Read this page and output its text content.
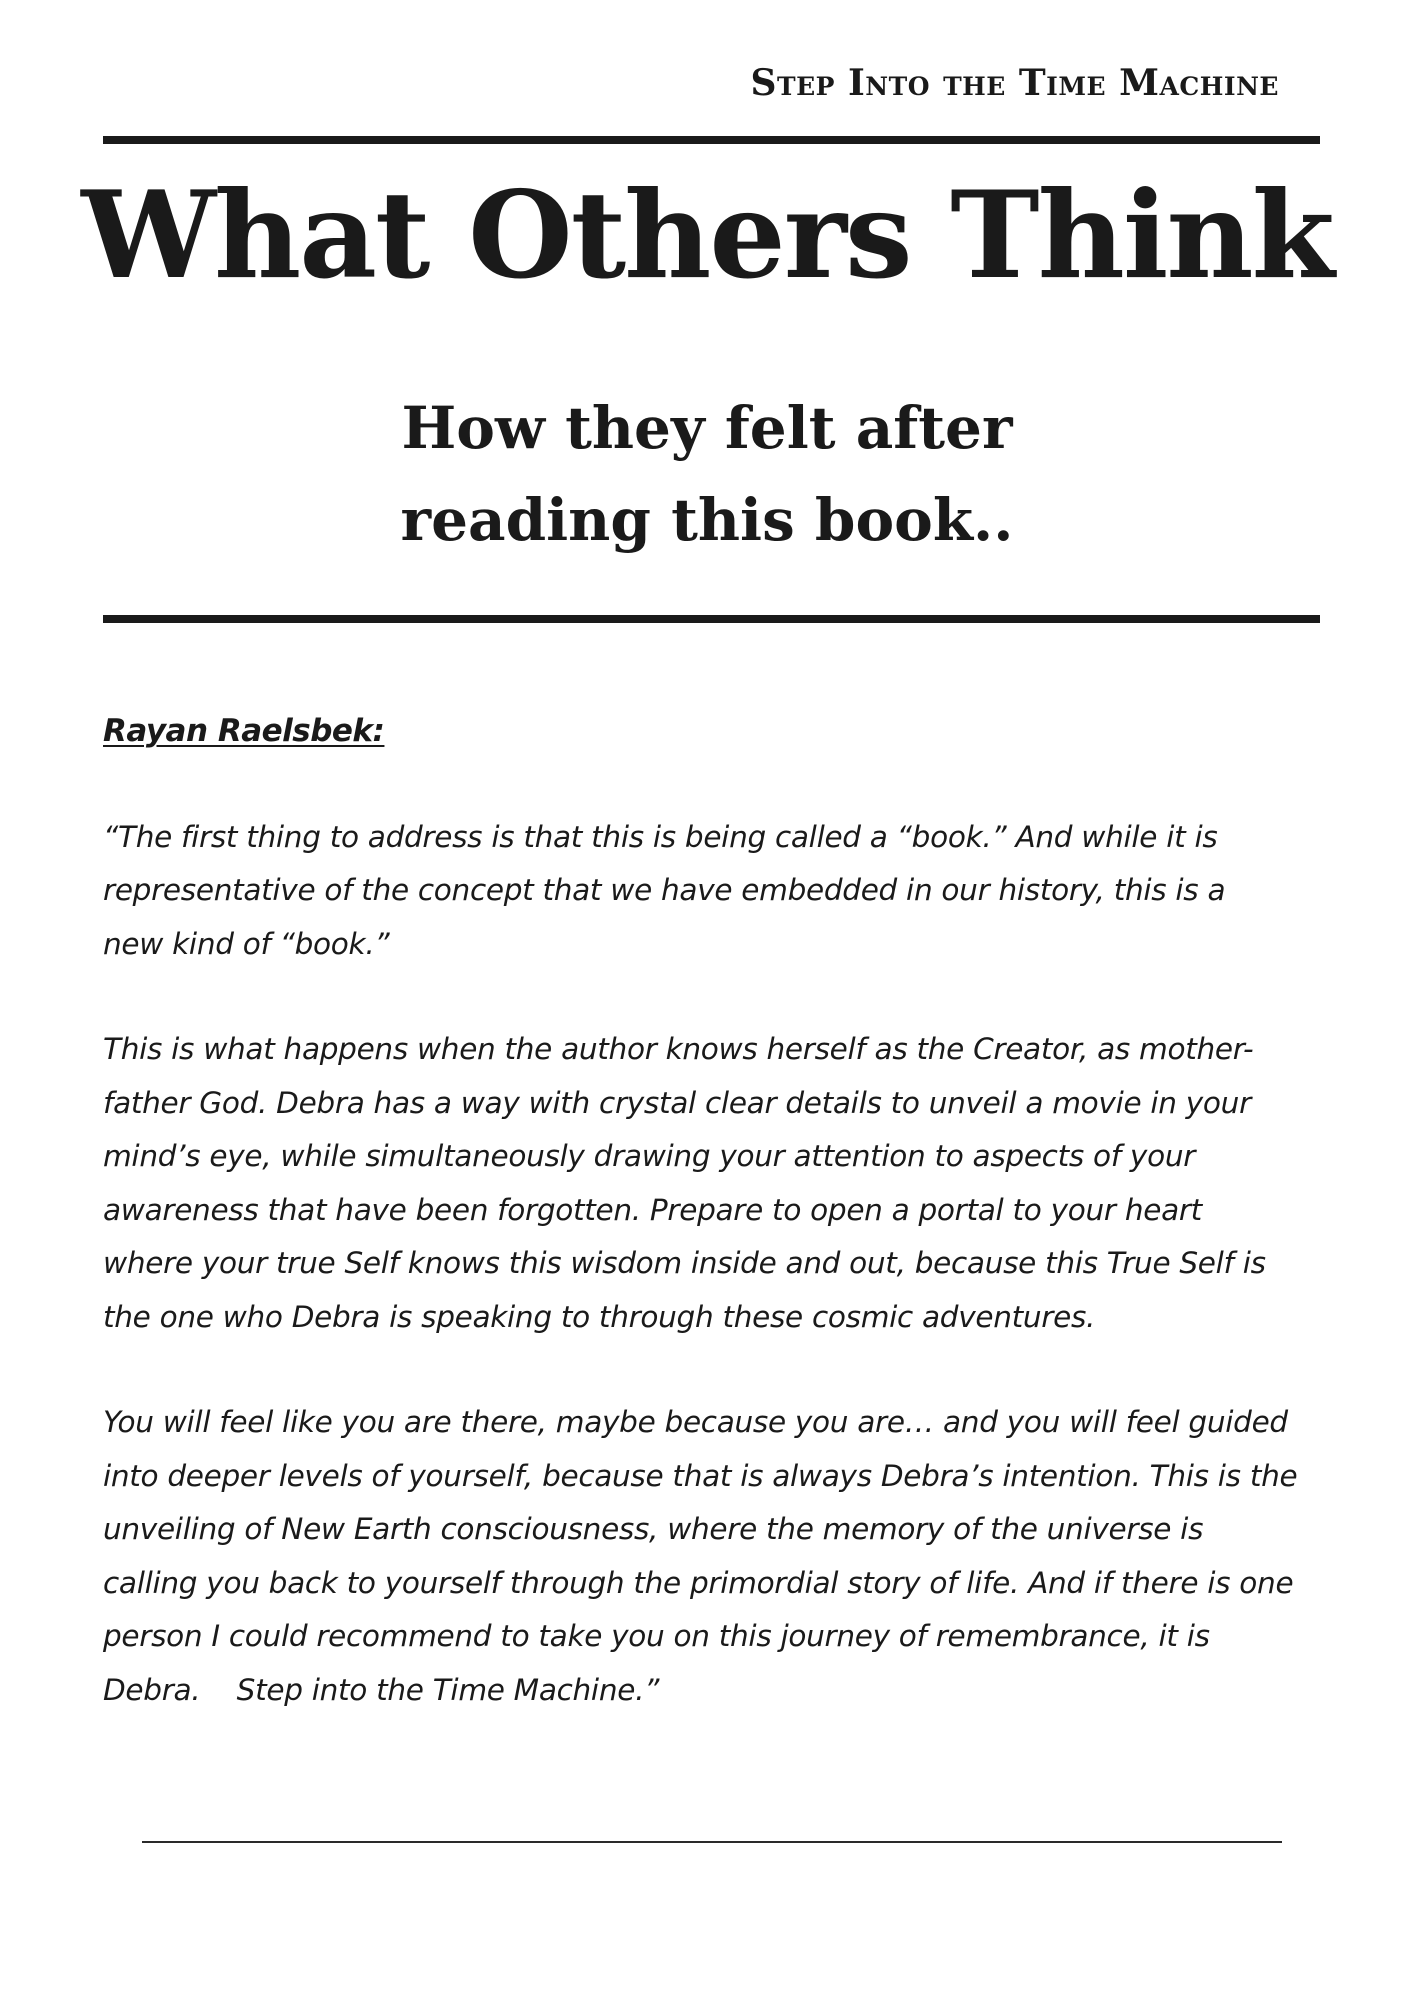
Step Into the Time Machine
What Others Think
How they felt after
reading this book..
Rayan Raelsbek:
“The first thing to address is that this is being called a “book.” And while it is
representative of the concept that we have embedded in our history, this is a
new kind of “book.”
This is what happens when the author knows herself as the Creator, as mother-
father God. Debra has a way with crystal clear details to unveil a movie in your
mind’s eye, while simultaneously drawing your attention to aspects of your
awareness that have been forgotten. Prepare to open a portal to your heart
where your true Self knows this wisdom inside and out, because this True Self is
the one who Debra is speaking to through these cosmic adventures.
You will feel like you are there, maybe because you are… and you will feel guided
into deeper levels of yourself, because that is always Debra’s intention. This is the
unveiling of New Earth consciousness, where the memory of the universe is
calling you back to yourself through the primordial story of life. And if there is one
person I could recommend to take you on this journey of remembrance, it is
Debra.    Step into the Time Machine.”
